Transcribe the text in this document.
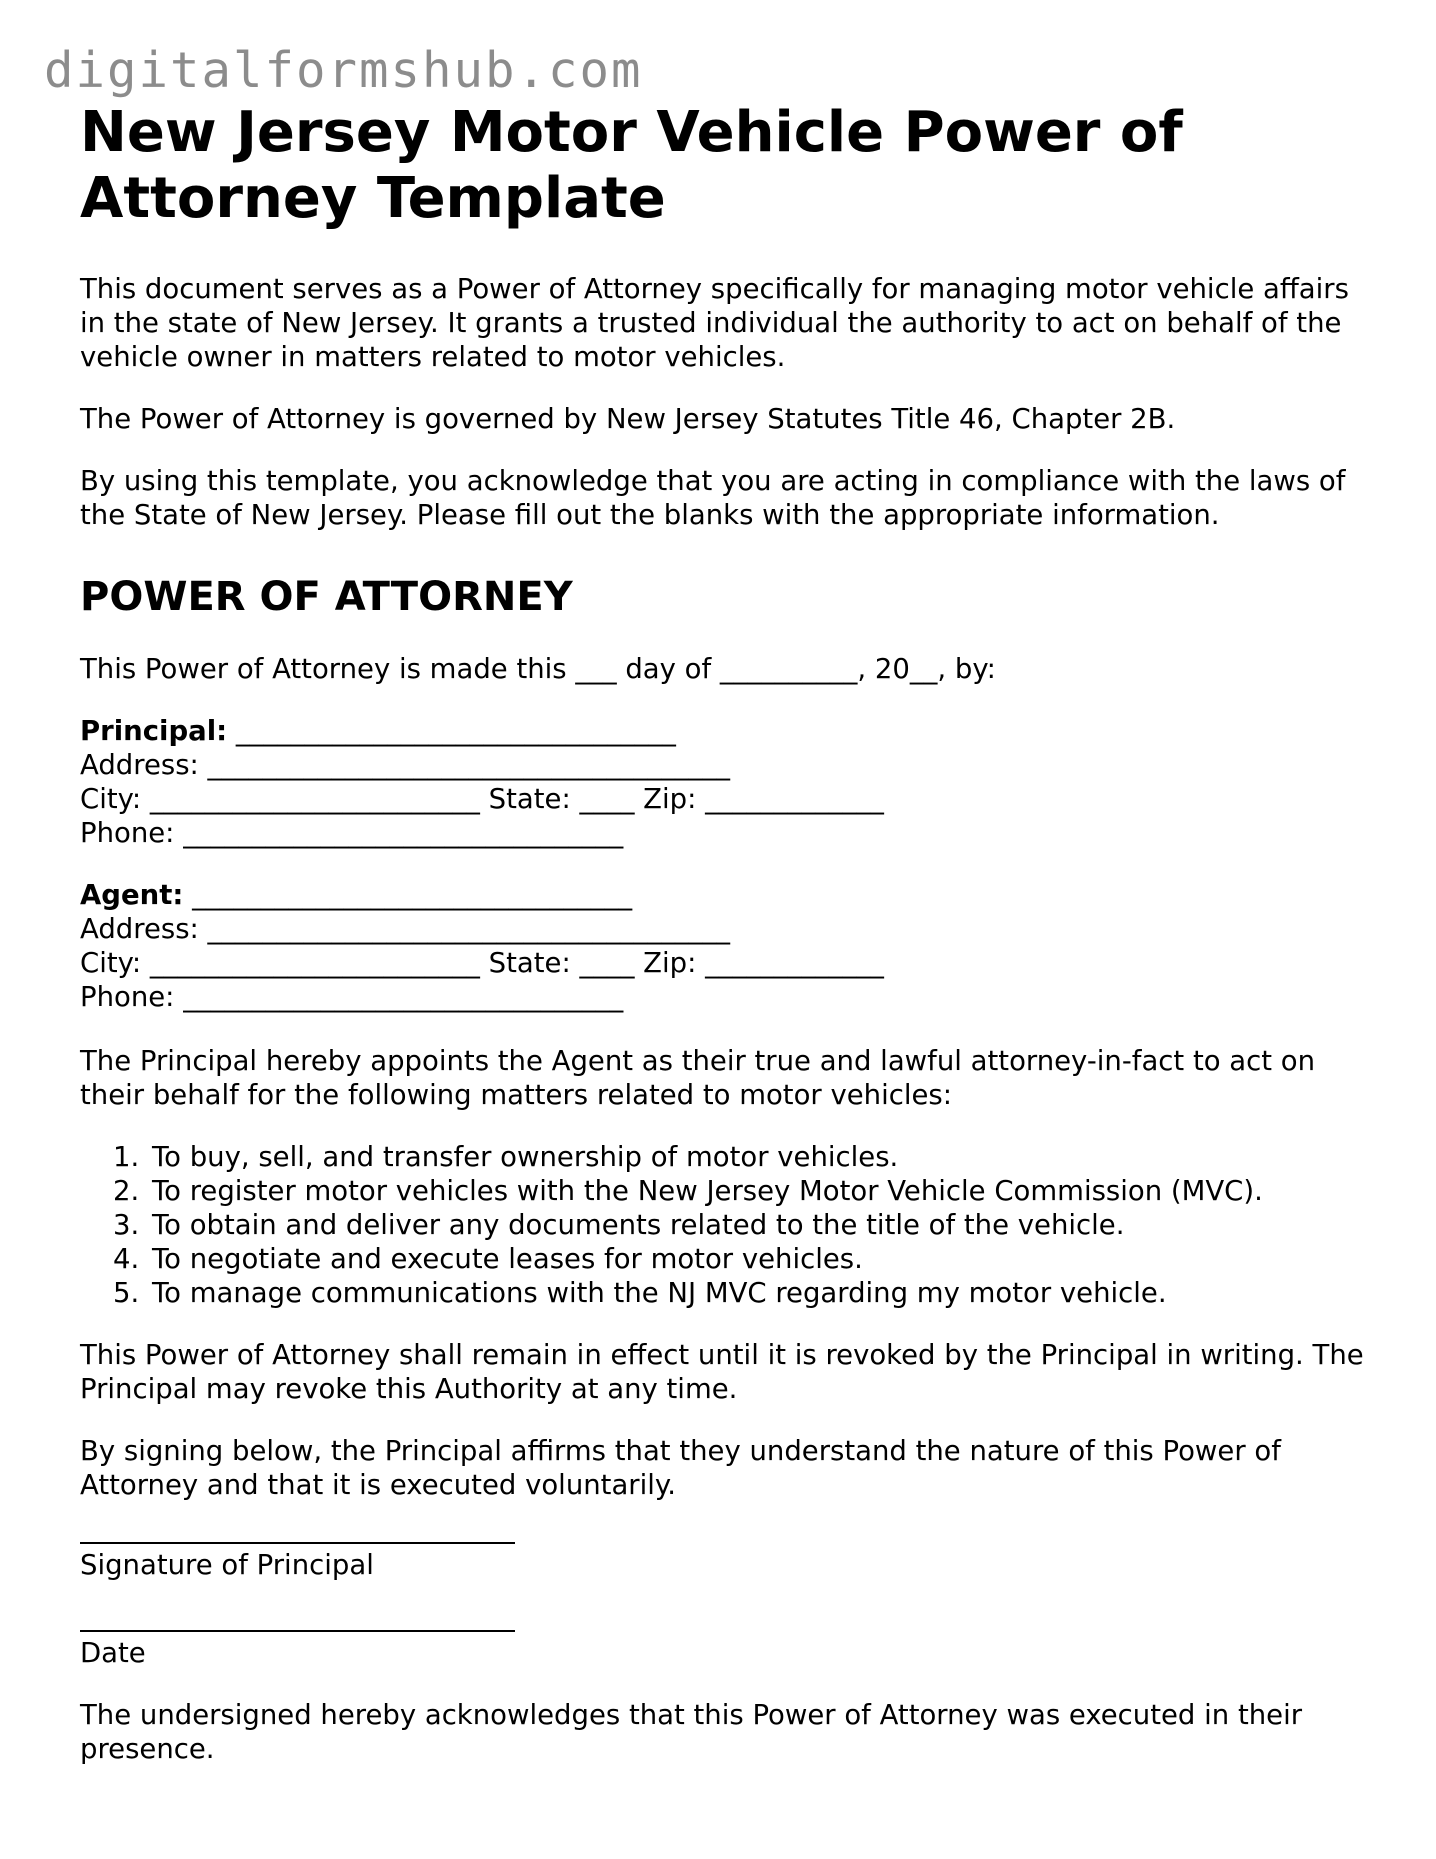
digitalformshub.com
New Jersey Motor Vehicle Power of Attorney Template

This document serves as a Power of Attorney specifically for managing motor vehicle affairs in the state of New Jersey. It grants a trusted individual the authority to act on behalf of the vehicle owner in matters related to motor vehicles.

The Power of Attorney is governed by New Jersey Statutes Title 46, Chapter 2B.

By using this template, you acknowledge that you are acting in compliance with the laws of the State of New Jersey. Please fill out the blanks with the appropriate information.

POWER OF ATTORNEY

This Power of Attorney is made this ___ day of __________, 20__, by:

Principal: ________________________________
Address: ______________________________________
City: ________________________ State: ____ Zip: _____________
Phone: ________________________________
Agent: ________________________________
Address: ______________________________________
City: ________________________ State: ____ Zip: _____________
Phone: ________________________________

The Principal hereby appoints the Agent as their true and lawful attorney-in-fact to act on their behalf for the following matters related to motor vehicles:

1. To buy, sell, and transfer ownership of motor vehicles.
2. To register motor vehicles with the New Jersey Motor Vehicle Commission (MVC).
3. To obtain and deliver any documents related to the title of the vehicle.
4. To negotiate and execute leases for motor vehicles.
5. To manage communications with the NJ MVC regarding my motor vehicle.

This Power of Attorney shall remain in effect until it is revoked by the Principal in writing. The Principal may revoke this Authority at any time.

By signing below, the Principal affirms that they understand the nature of this Power of Attorney and that it is executed voluntarily.

Signature of Principal
Date

The undersigned hereby acknowledges that this Power of Attorney was executed in their presence.
